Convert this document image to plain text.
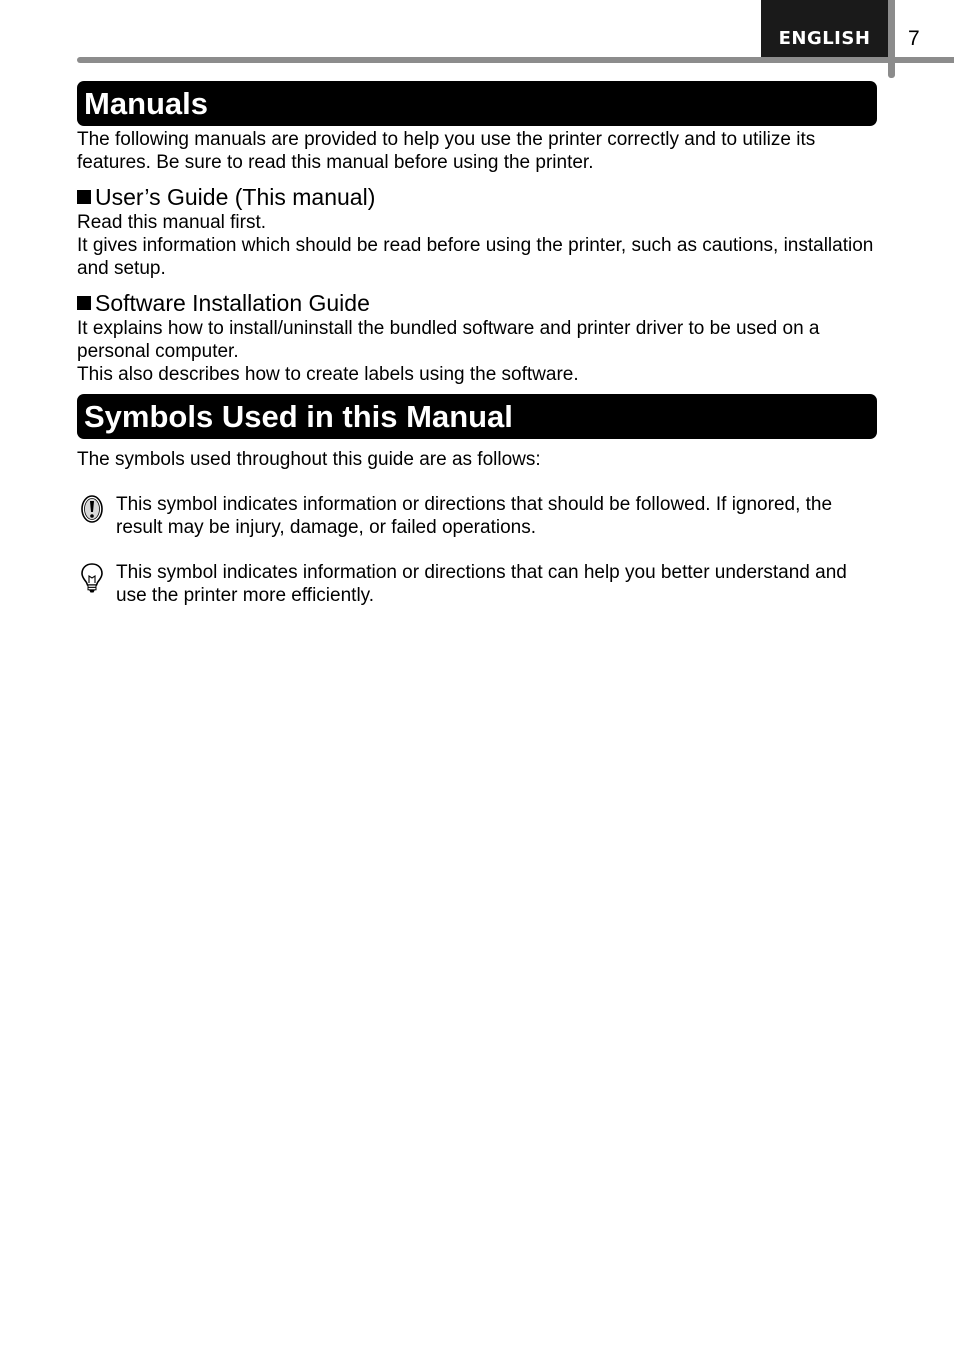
ENGLISH	7
Manuals

The following manuals are provided to help you use the printer correctly and to utilize its features. Be sure to read this manual before using the printer.

User’s Guide (This manual)

Read this manual first.

It gives information which should be read before using the printer, such as cautions, installation and setup.

Software Installation Guide

It explains how to install/uninstall the bundled software and printer driver to be used on a personal computer.

This also describes how to create labels using the software.

Symbols Used in this Manual

The symbols used throughout this guide are as follows:

This symbol indicates information or directions that should be followed. If ignored, the result may be injury, damage, or failed operations.

This symbol indicates information or directions that can help you better understand and use the printer more efficiently.
